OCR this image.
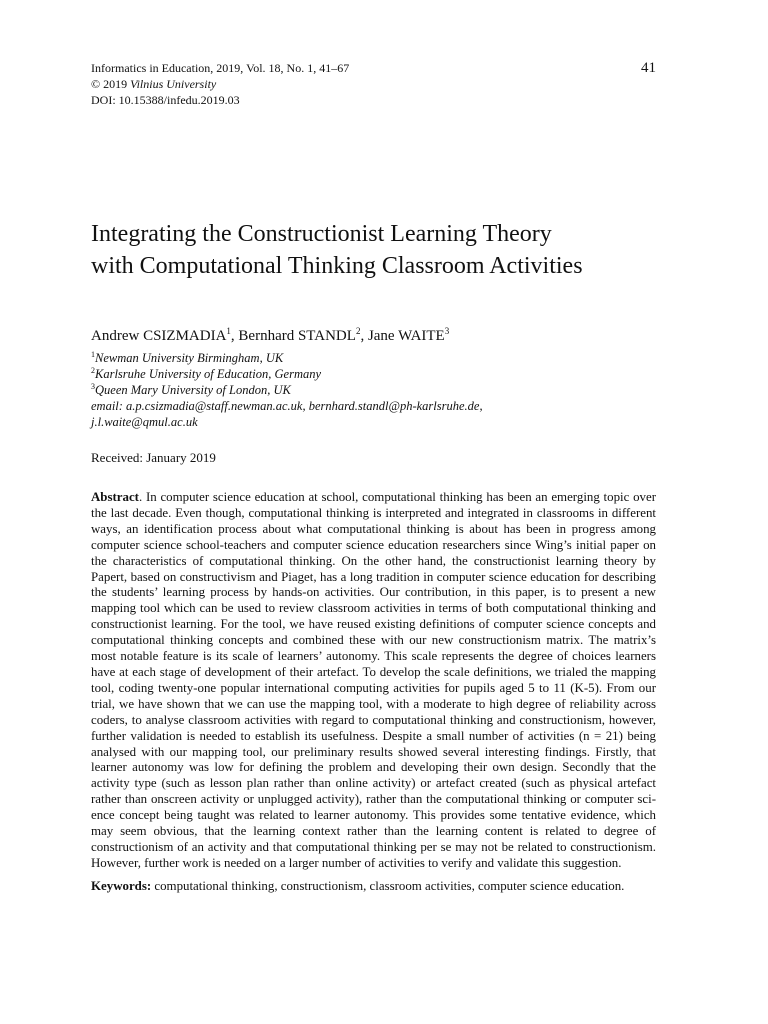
Informatics in Education, 2019, Vol. 18, No. 1, 41–67
© 2019 Vilnius University
DOI: 10.15388/infedu.2019.03
41
Integrating the Constructionist Learning Theory
with Computational Thinking Classroom Activities
Andrew CSIZMADIA$^1$, Bernhard STANDL$^2$, Jane WAITE$^3$
$^1$Newman University Birmingham, UK
$^2$Karlsruhe University of Education, Germany
$^3$Queen Mary University of London, UK
email: a.p.csizmadia@staff.newman.ac.uk, bernhard.standl@ph-karlsruhe.de,
j.l.waite@qmul.ac.uk
Received: January 2019
Abstract. In computer science education at school, computational thinking has been an emerging topic over the last decade. Even though, computational thinking is interpreted and integrated in classrooms in different ways, an identification process about what computational thinking is about has been in progress among computer science school-teachers and computer science education researchers since Wing’s initial paper on the characteristics of computational thinking. On the other hand, the constructionist learning theory by Papert, based on constructivism and Piaget, has a long tradition in computer science education for describing the students’ learning process by hands-on activities. Our contribution, in this paper, is to present a new mapping tool which can be used to review classroom activities in terms of both computational thinking and constructionist learning. For the tool, we have reused existing definitions of computer science concepts and computational thinking concepts and combined these with our new constructionism matrix. The matrix’s most notable feature is its scale of learners’ autonomy. This scale represents the degree of choices learners have at each stage of development of their artefact. To develop the scale definitions, we trialed the mapping tool, coding twenty-one popular international computing activities for pupils aged 5 to 11 (K-5). From our trial, we have shown that we can use the mapping tool, with a moderate to high degree of reliability across coders, to analyse classroom activities with regard to computational thinking and constructionism, however, further validation is needed to establish its usefulness. Despite a small number of activities (n = 21) being analysed with our mapping tool, our preliminary results showed several interesting findings. Firstly, that learner autonomy was low for defining the problem and developing their own design. Secondly that the activity type (such as lesson plan rather than online activity) or artefact created (such as physical artefact rather than onscreen activity or unplugged activity), rather than the computational thinking or computer science concept being taught was related to learner autonomy. This provides some tentative evidence, which may seem obvious, that the learning context rather than the learning content is related to degree of constructionism of an activity and that computational thinking per se may not be related to constructionism. However, further work is needed on a larger number of activities to verify and validate this suggestion.
Keywords: computational thinking, constructionism, classroom activities, computer science education.
